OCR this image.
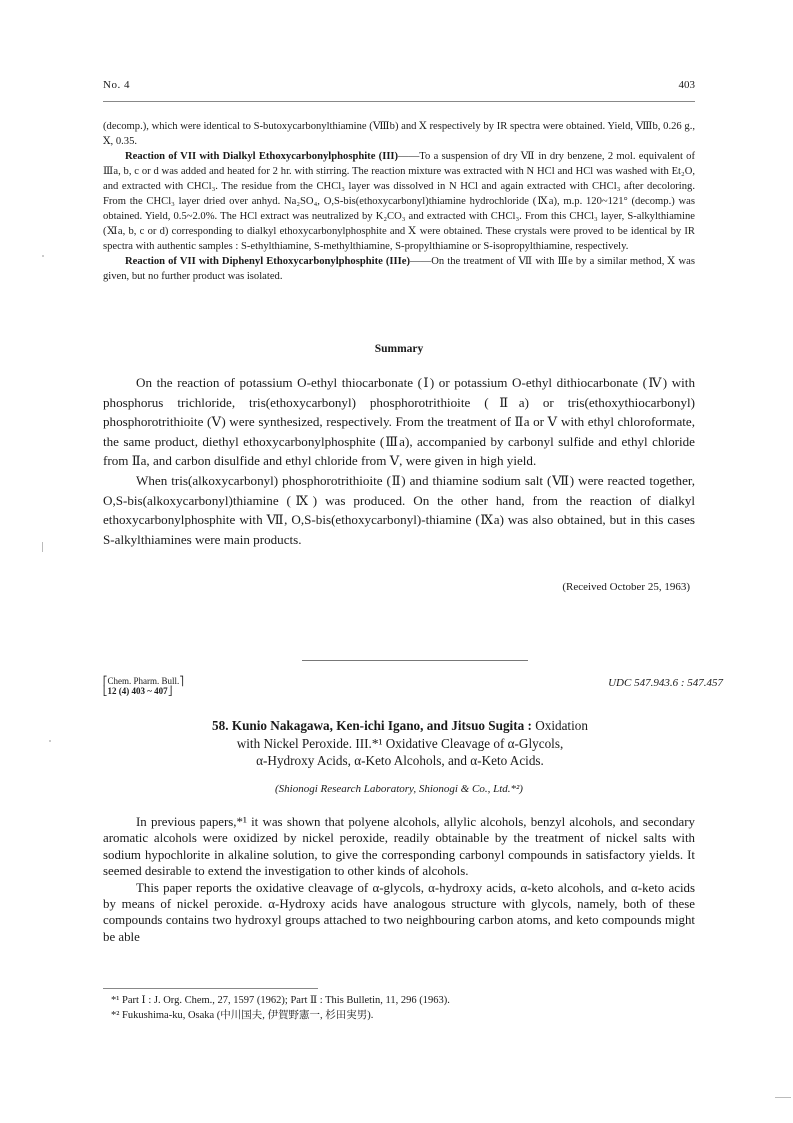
No. 4	403

(decomp.), which were identical to S-butoxycarbonylthiamine (Ⅷb) and Ⅹ respectively by IR spectra were obtained. Yield, Ⅷb, 0.26 g., Ⅹ, 0.35.

Reaction of VII with Dialkyl Ethoxycarbonylphosphite (III)——To a suspension of dry Ⅶ in dry benzene, 2 mol. equivalent of Ⅲa, b, c or d was added and heated for 2 hr. with stirring. The reaction mixture was extracted with N HCl and HCl was washed with Et₂O, and extracted with CHCl₃. The residue from the CHCl₃ layer was dissolved in N HCl and again extracted with CHCl₃ after decoloring. From the CHCl₃ layer dried over anhyd. Na₂SO₄, O,S-bis(ethoxycarbonyl)thiamine hydrochloride (Ⅸa), m.p. 120~121° (decomp.) was obtained. Yield, 0.5~2.0%. The HCl extract was neutralized by K₂CO₃ and extracted with CHCl₃. From this CHCl₃ layer, S-alkylthiamine (Ⅺa, b, c or d) corresponding to dialkyl ethoxycarbonylphosphite and Ⅹ were obtained. These crystals were proved to be identical by IR spectra with authentic samples : S-ethylthiamine, S-methylthiamine, S-propylthiamine or S-isopropylthiamine, respectively.

Reaction of VII with Diphenyl Ethoxycarbonylphosphite (IIIe)——On the treatment of Ⅶ with Ⅲe by a similar method, Ⅹ was given, but no further product was isolated.

Summary

On the reaction of potassium O-ethyl thiocarbonate (Ⅰ) or potassium O-ethyl dithiocarbonate (Ⅳ) with phosphorus trichloride, tris(ethoxycarbonyl) phosphorotrithioite (Ⅱa) or tris(ethoxythiocarbonyl) phosphorotrithioite (Ⅴ) were synthesized, respectively. From the treatment of Ⅱa or Ⅴ with ethyl chloroformate, the same product, diethyl ethoxycarbonylphosphite (Ⅲa), accompanied by carbonyl sulfide and ethyl chloride from Ⅱa, and carbon disulfide and ethyl chloride from Ⅴ, were given in high yield.

When tris(alkoxycarbonyl) phosphorotrithioite (Ⅱ) and thiamine sodium salt (Ⅶ) were reacted together, O,S-bis(alkoxycarbonyl)thiamine (Ⅸ) was produced. On the other hand, from the reaction of dialkyl ethoxycarbonylphosphite with Ⅶ, O,S-bis(ethoxycarbonyl)-thiamine (Ⅸa) was also obtained, but in this cases S-alkylthiamines were main products.

(Received October 25, 1963)
⎡Chem. Pharm. Bull.⎤
⎣12 (4) 403 ~ 407⎦
UDC 547.943.6 : 547.457
58. Kunio Nakagawa, Ken-ichi Igano, and Jitsuo Sugita : Oxidation
with Nickel Peroxide. III.*¹ Oxidative Cleavage of α-Glycols,
α-Hydroxy Acids, α-Keto Alcohols, and α-Keto Acids.
(Shionogi Research Laboratory, Shionogi & Co., Ltd.*²)

In previous papers,*¹ it was shown that polyene alcohols, allylic alcohols, benzyl alcohols, and secondary aromatic alcohols were oxidized by nickel peroxide, readily obtainable by the treatment of nickel salts with sodium hypochlorite in alkaline solution, to give the corresponding carbonyl compounds in satisfactory yields. It seemed desirable to extend the investigation to other kinds of alcohols.

This paper reports the oxidative cleavage of α-glycols, α-hydroxy acids, α-keto alcohols, and α-keto acids by means of nickel peroxide. α-Hydroxy acids have analogous structure with glycols, namely, both of these compounds contains two hydroxyl groups attached to two neighbouring carbon atoms, and keto compounds might be able

*¹ Part Ⅰ : J. Org. Chem., 27, 1597 (1962); Part Ⅱ : This Bulletin, 11, 296 (1963).

*² Fukushima-ku, Osaka (中川国夫, 伊賀野憲一, 杉田実男).
